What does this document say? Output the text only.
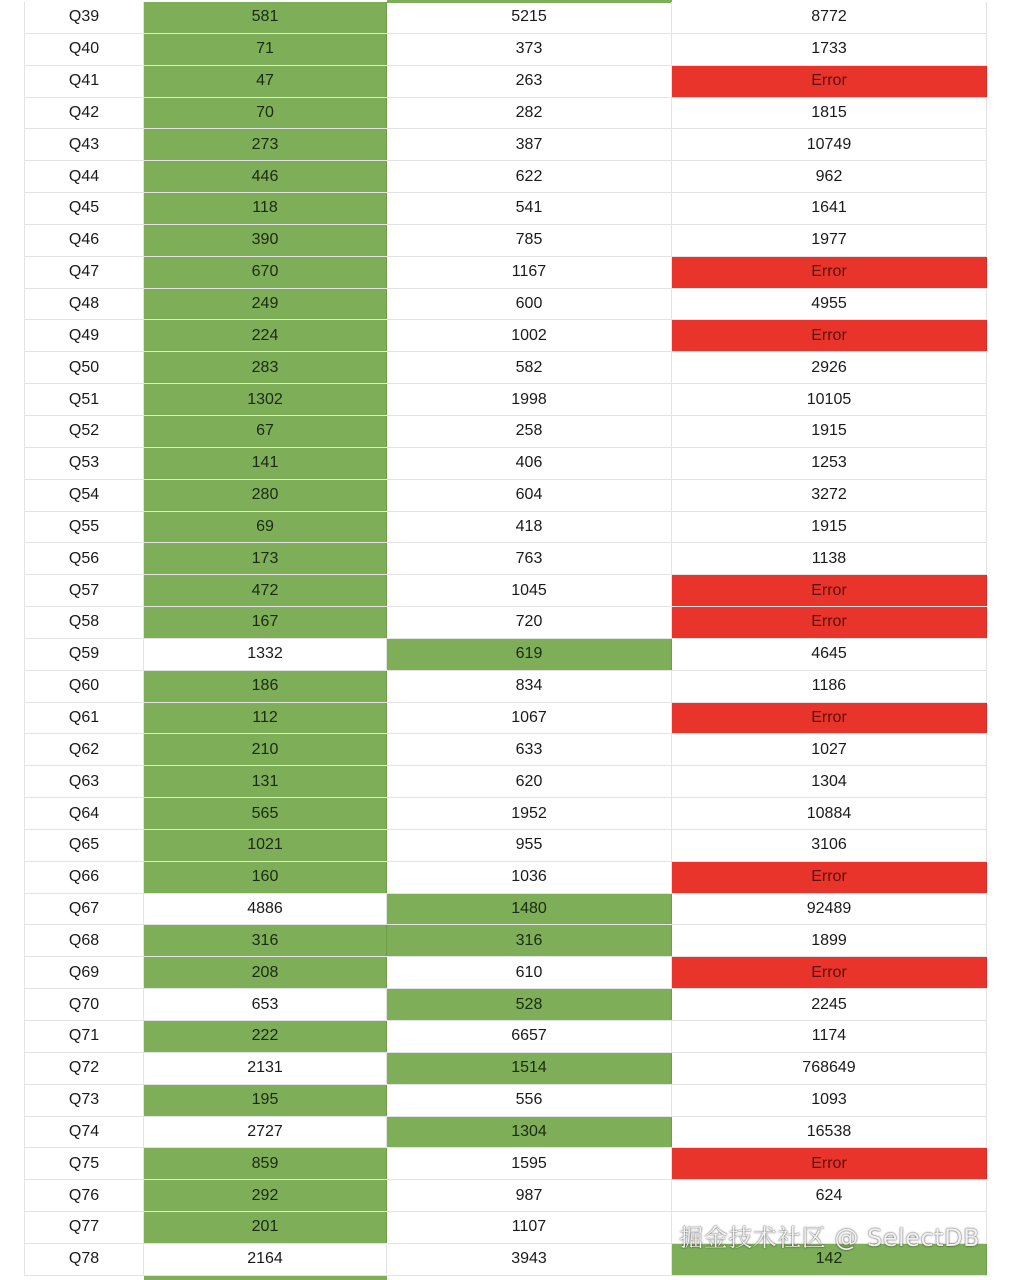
Q39	581	5215	8772
Q40	71	373	1733
Q41	47	263	Error
Q42	70	282	1815
Q43	273	387	10749
Q44	446	622	962
Q45	118	541	1641
Q46	390	785	1977
Q47	670	1167	Error
Q48	249	600	4955
Q49	224	1002	Error
Q50	283	582	2926
Q51	1302	1998	10105
Q52	67	258	1915
Q53	141	406	1253
Q54	280	604	3272
Q55	69	418	1915
Q56	173	763	1138
Q57	472	1045	Error
Q58	167	720	Error
Q59	1332	619	4645
Q60	186	834	1186
Q61	112	1067	Error
Q62	210	633	1027
Q63	131	620	1304
Q64	565	1952	10884
Q65	1021	955	3106
Q66	160	1036	Error
Q67	4886	1480	92489
Q68	316	316	1899
Q69	208	610	Error
Q70	653	528	2245
Q71	222	6657	1174
Q72	2131	1514	768649
Q73	195	556	1093
Q74	2727	1304	16538
Q75	859	1595	Error
Q76	292	987	624
Q77	201	1107
Q78	2164	3943	142
掘金技术社区 @ SelectDB
